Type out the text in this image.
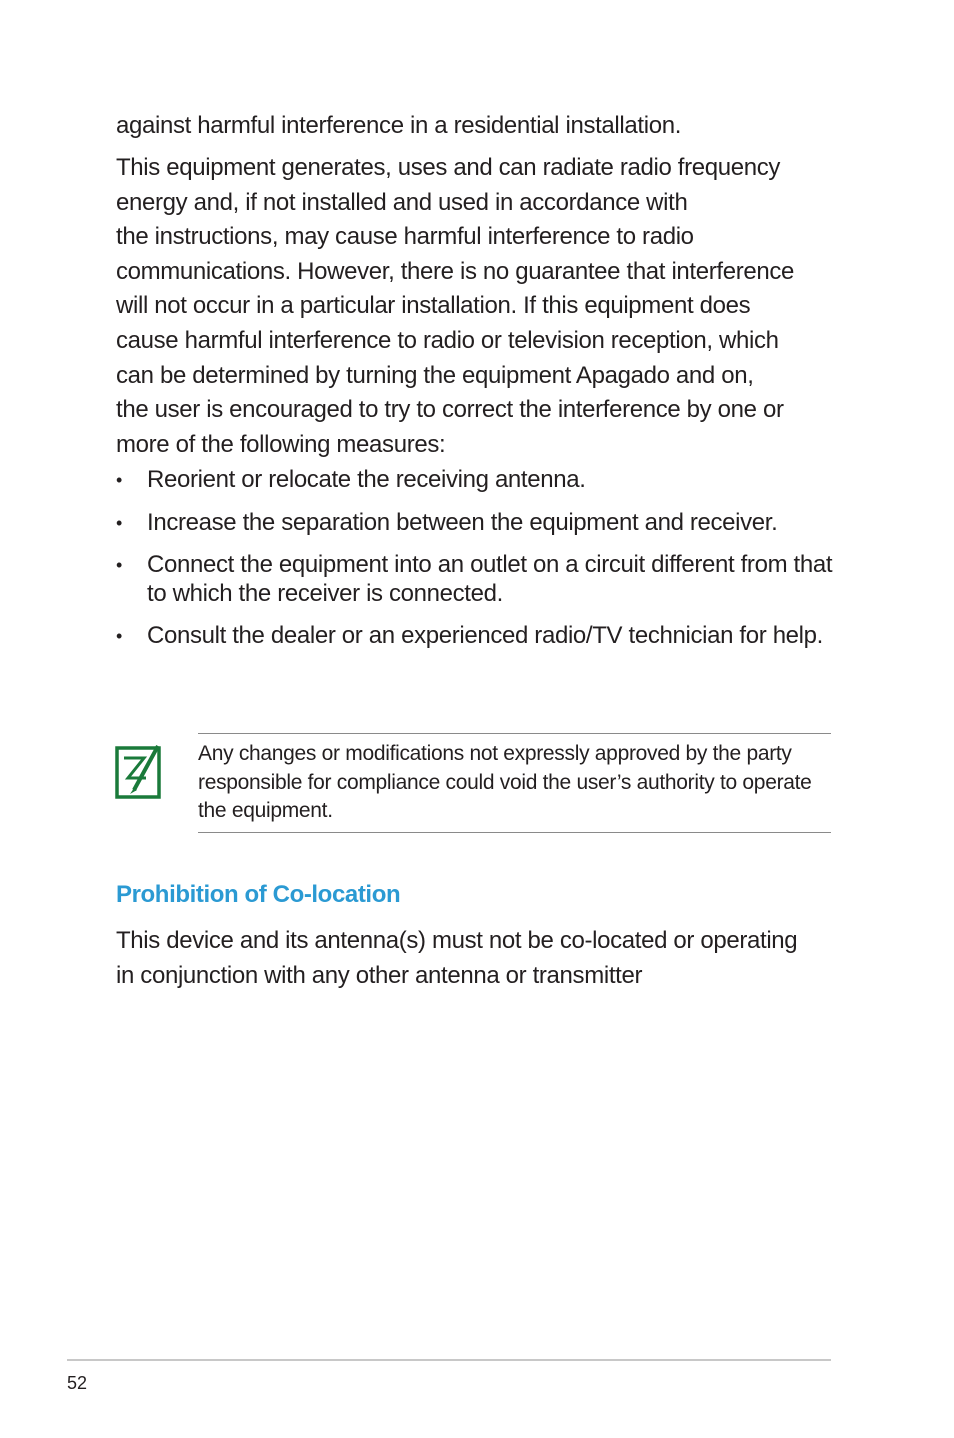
against harmful interference in a residential installation.

This equipment generates, uses and can radiate radio frequency
energy and, if not installed and used in accordance with
the instructions, may cause harmful interference to radio
communications. However, there is no guarantee that interference
will not occur in a particular installation. If this equipment does
cause harmful interference to radio or television reception, which
can be determined by turning the equipment Apagado and on,
the user is encouraged to try to correct the interference by one or
more of the following measures:

• Reorient or relocate the receiving antenna.
• Increase the separation between the equipment and receiver.
• Connect the equipment into an outlet on a circuit different from that to which the receiver is connected.
• Consult the dealer or an experienced radio/TV technician for help.

Any changes or modifications not expressly approved by the party responsible for compliance could void the user’s authority to operate the equipment.

Prohibition of Co-location

This device and its antenna(s) must not be co-located or operating
in conjunction with any other antenna or transmitter

52
